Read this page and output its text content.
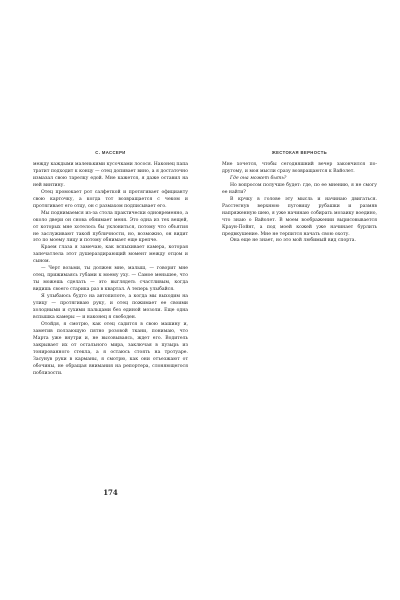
С. МАССЕРИ

между каждыми маленькими кусочками лосося. Наконец папа тратит подходит к концу — отец допивает вино, а я достаточно измазал свою тарелку едой. Мне кажется, я даже оставил на ней винтину.

Отец промокает рот салфеткой и протягивает официанту свою карточку, а когда тот возвращается с чеком и протягивает его отцу, он с размахом подписывает его.

Мы поднимаемся из-за стола практически одновременно, а около двери он снова обнимает меня. Это одна из тех вещей, от которых мне хотелось бы уклониться, потому что объятия не заслуживают такой публичности, но, возможно, он видит это по моему лицу и потому обнимает еще крепче.

Краем глаза я замечаю, как вспыхивает камера, которая запечатлела этот душераздирающий момент между отцом и сыном.

— Черт возьми, ты должен мне, малыш, — говорит мне отец, прижимаясь губами к моему уху. — Самое меньшее, что ты можешь сделать — это выглядеть счастливым, когда видишь своего старика раз в квартал. А теперь улыбайся.

Я улыбаюсь будто на автопилоте, а когда мы выходим на улицу — протягиваю руку, и отец пожимает ее своими холодными и сухими пальцами без единой мозоли. Еще одна вспышка камеры — и наконец я свободен.

Отойдя, я смотрю, как отец садится в свою машину и, заметив ползающую пятно розовой ткани, понимаю, что Марта уже внутри и, не высовываясь, ждет его. Водитель закрывает их от остального мира, заключая в пузырь из тонированного стекла, а я остаюсь стоять на тротуаре. Засунув руки в карманы, я смотрю, как они отъезжают от обочины, не обращая внимания на репортера, слоняющегося поблизости.

174
ЖЕСТОКАЯ ВЕРНОСТЬ

Мне хочется, чтобы сегодняшний вечер закончился по-другому, и моя мысли сразу возвращаются к Вайолет.

Где она может быть?

Но вопросом получше будет: где, по ее мнению, я не смогу ее найти?

В крчку в голове эту мысль и начинаю двигаться. Расстегнув верхнюю пуговицу рубашки и размяв напряженную шею, я уже начинаю собирать мозаику воедино, что знаю о Вайолет. В моем воображении вырисовывается Краун-Пойнт, а под моей кожей уже начинает бурлить предвкушение. Мне не терпится начать свою охоту.

Она еще не знает, но это мой любимый вид спорта.
